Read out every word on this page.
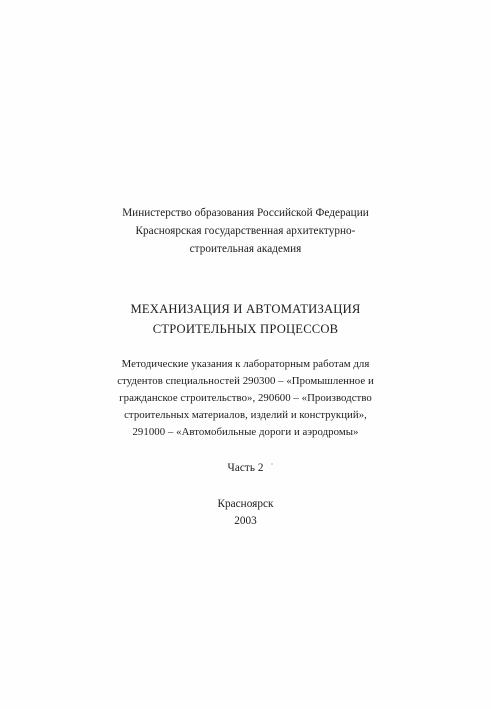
Министерство образования Российской Федерации
Красноярская государственная архитектурно-
строительная академия
МЕХАНИЗАЦИЯ И АВТОМАТИЗАЦИЯ
СТРОИТЕЛЬНЫХ ПРОЦЕССОВ
Методические указания к лабораторным работам для
студентов специальностей 290300 – «Промышленное и
гражданское строительство», 290600 – «Производство
строительных материалов, изделий и конструкций»,
291000 – «Автомобильные дороги и аэродромы»
Часть 2
Красноярск
2003
